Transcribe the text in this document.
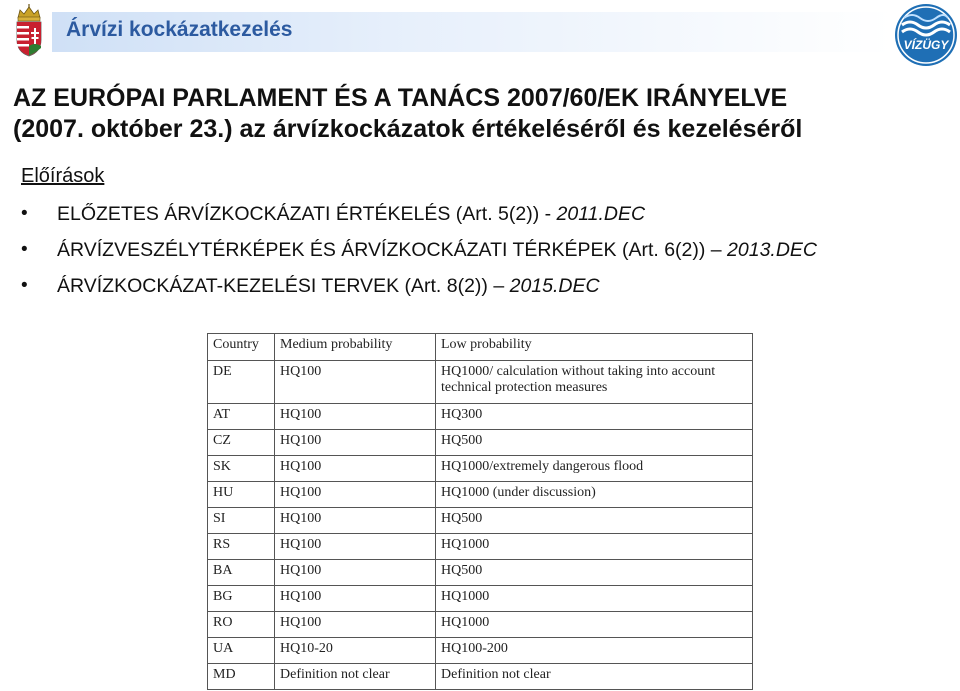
Árvízi kockázatkezelés
VÍZÜGY
AZ EURÓPAI PARLAMENT ÉS A TANÁCS 2007/60/EK IRÁNYELVE
(2007. október 23.) az árvízkockázatok értékeléséről és kezeléséről
Előírások
• ELŐZETES ÁRVÍZKOCKÁZATI ÉRTÉKELÉS (Art. 5(2)) - 2011.DEC
• ÁRVÍZVESZÉLYTÉRKÉPEK ÉS ÁRVÍZKOCKÁZATI TÉRKÉPEK (Art. 6(2)) – 2013.DEC
• ÁRVÍZKOCKÁZAT-KEZELÉSI TERVEK (Art. 8(2)) – 2015.DEC
Country	Medium probability	Low probability
DE	HQ100	HQ1000/ calculation without taking into account technical protection measures
AT	HQ100	HQ300
CZ	HQ100	HQ500
SK	HQ100	HQ1000/extremely dangerous flood
HU	HQ100	HQ1000 (under discussion)
SI	HQ100	HQ500
RS	HQ100	HQ1000
BA	HQ100	HQ500
BG	HQ100	HQ1000
RO	HQ100	HQ1000
UA	HQ10-20	HQ100-200
MD	Definition not clear	Definition not clear
